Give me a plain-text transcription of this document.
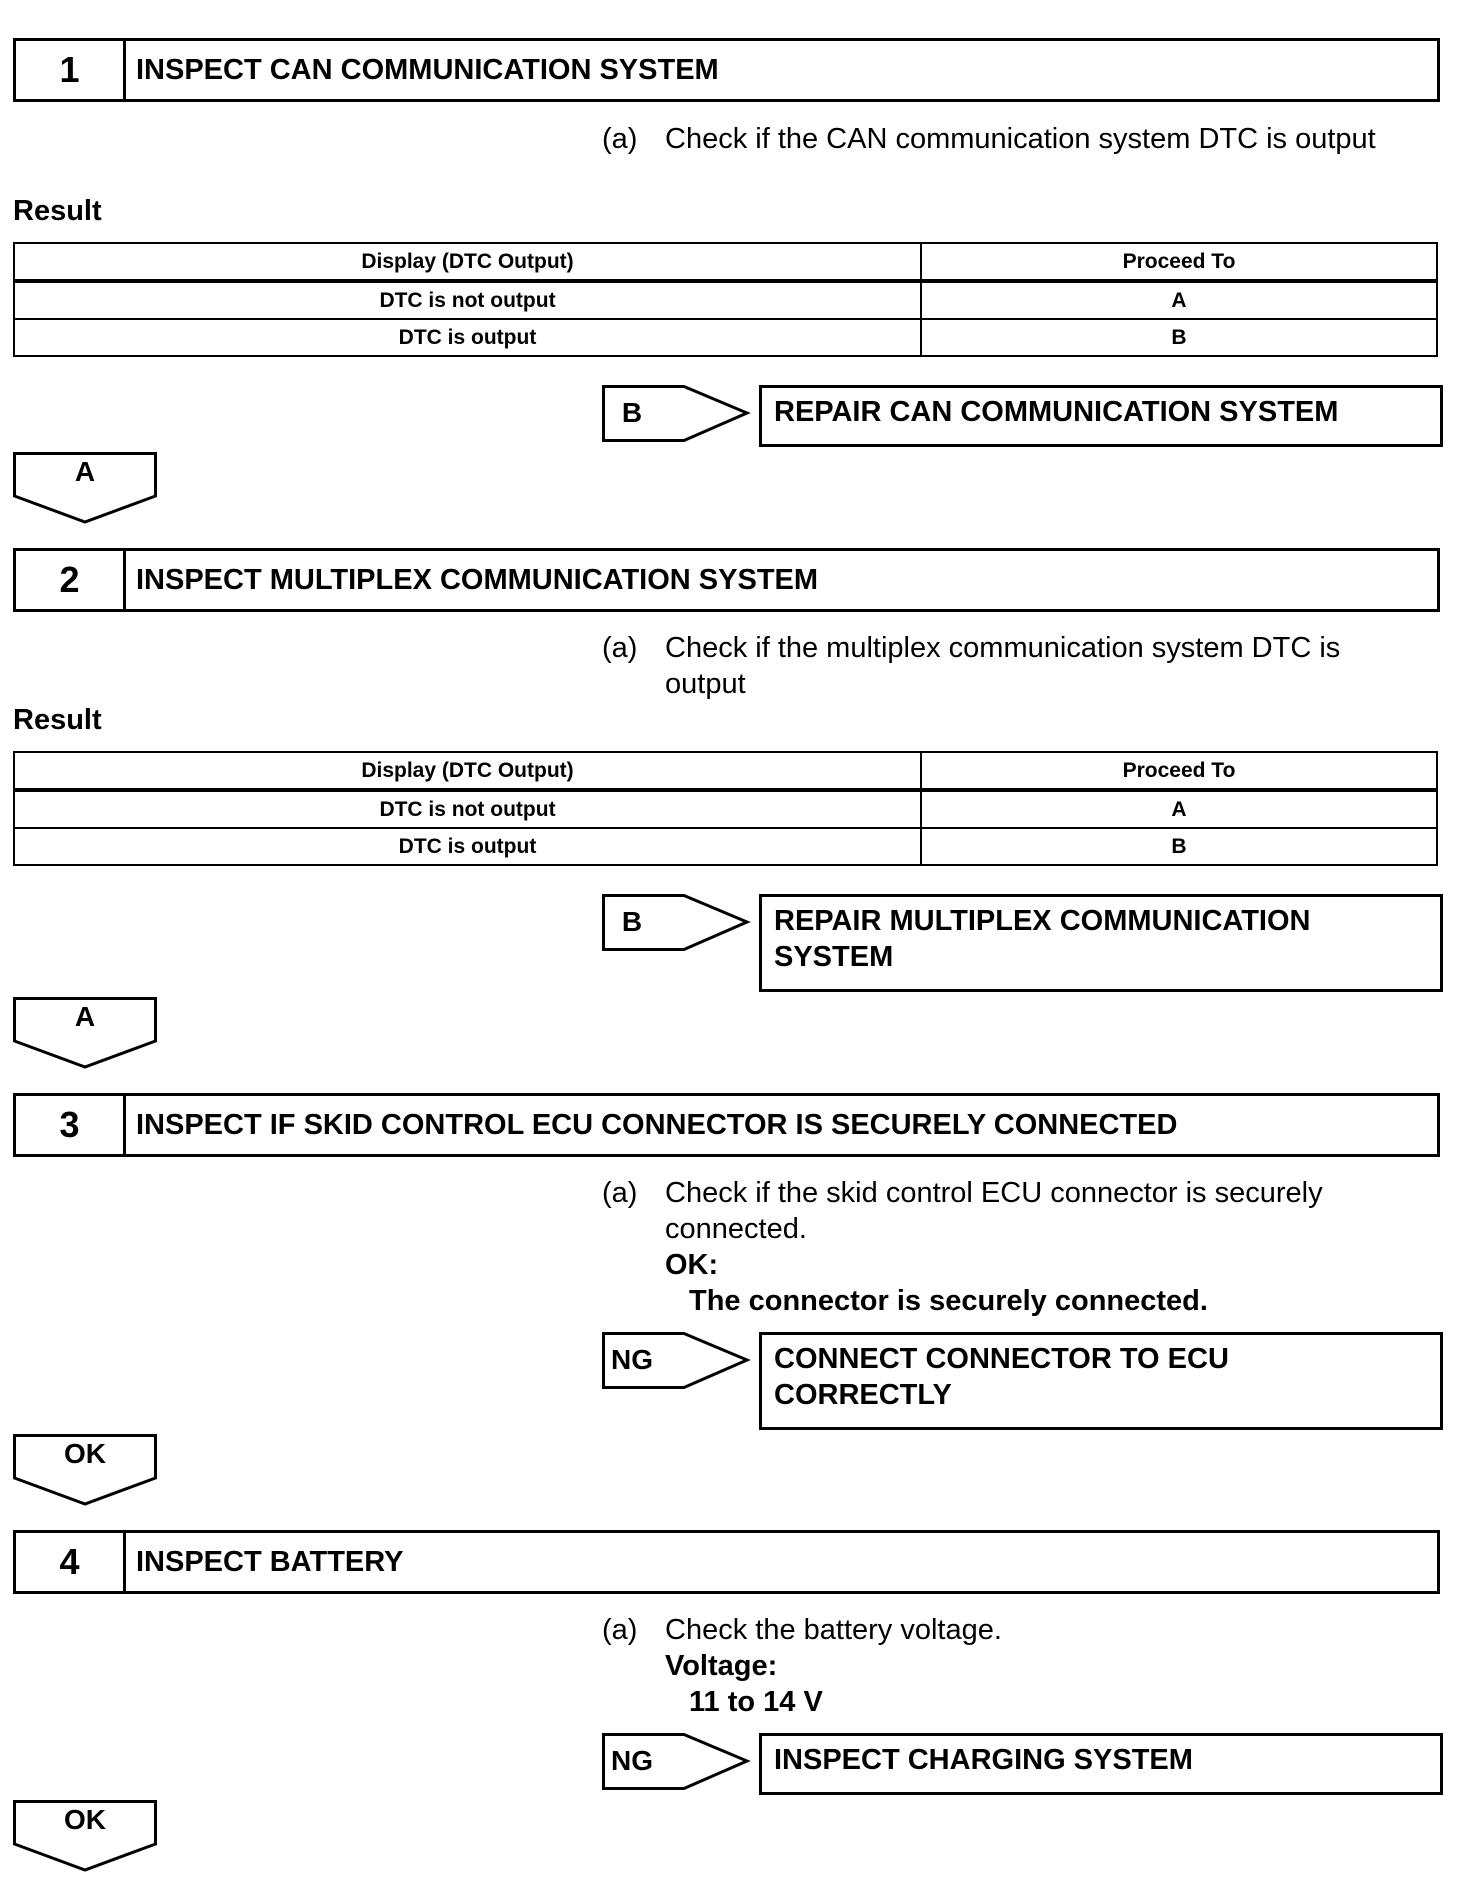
1	INSPECT CAN COMMUNICATION SYSTEM
(a) Check if the CAN communication system DTC is output
Result
Display (DTC Output)	Proceed To
DTC is not output	A
DTC is output	B
B	REPAIR CAN COMMUNICATION SYSTEM
A
2	INSPECT MULTIPLEX COMMUNICATION SYSTEM
(a) Check if the multiplex communication system DTC is
output
Result
Display (DTC Output)	Proceed To
DTC is not output	A
DTC is output	B
B	REPAIR MULTIPLEX COMMUNICATION
SYSTEM
A
3	INSPECT IF SKID CONTROL ECU CONNECTOR IS SECURELY CONNECTED
(a) Check if the skid control ECU connector is securely
connected.
OK:
The connector is securely connected.
NG	CONNECT CONNECTOR TO ECU
CORRECTLY
OK
4	INSPECT BATTERY
(a) Check the battery voltage.
Voltage:
11 to 14 V
NG	INSPECT CHARGING SYSTEM
OK
